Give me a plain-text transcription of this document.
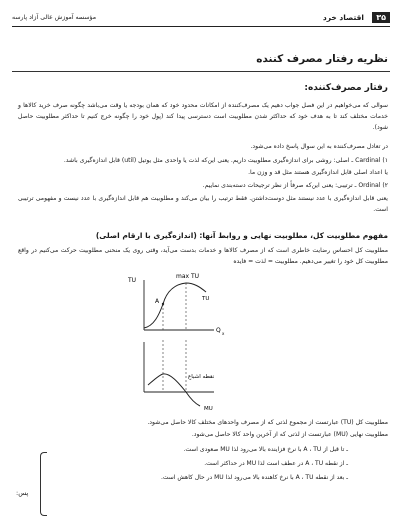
۳۵
اقتصاد خرد
مؤسسه آموزش عالی آزاد پارسه
نظریه رفتار مصرف کننده
رفتار مصرف‌کننده:
سوالی که می‌خواهیم در این فصل جواب دهیم یک مصرف‌کننده از امکانات محدود خود که همان بودجه یا وقت می‌باشد چگونه صرف خرید کالاها و خدمات مختلف کند تا به هدف خود که حداکثر شدن مطلوبیت است دسترسی پیدا کند (پول خود را چگونه خرج کنیم تا حداکثر مطلوبیت حاصل شود).
در تعادل مصرف‌کننده به این سوال پاسخ داده می‌شود.
۱) Cardinal ـ اصلی: روشی برای اندازه‌گیری مطلوبیت داریم. یعنی این‌که لذت یا واحدی مثل یوتیل (util) قابل اندازه‌گیری باشد.
یا اعداد اصلی قابل اندازه‌گیری هستند مثل قد و وزن ما.
۲) Ordinal ـ ترتیبی: یعنی این‌که صرفاً از نظر ترجیحات دسته‌بندی نماییم.
یعنی قابل اندازه‌گیری با عدد نیستند مثل دوست‌داشتن. فقط ترتیب را بیان می‌کند و مطلوبیت هم قابل اندازه‌گیری با عدد نیست و مفهومی ترتیبی است.
مفهوم مطلوبیت کل، مطلوبیت نهایی و روابط آنها: (اندازه‌گیری با ارقام اصلی)
مطلوبیت کل احساس رضایت خاطری است که از مصرف کالاها و خدمات بدست می‌آید، وقتی روی یک منحنی مطلوبیت حرکت می‌کنیم در واقع مطلوبیت کل خود را تغییر می‌دهیم. مطلوبیت = لذت = فایده
TU
max TU
TU
A
Q x
نقطه اشباع
MU
مطلوبیت کل (TU) عبارتست از مجموع لذتی که از مصرف واحدهای مختلف کالا حاصل می‌شود.
مطلوبیت نهایی (MU) عبارتست از لذتی که از آخرین واحد کالا حاصل می‌شود.
ـ تا قبل از A ، TU با نرخ فزاینده بالا می‌رود لذا MU صعودی است.
ـ از نقطه A ، TU در عطف است لذا MU در حداکثر است.
ـ بعد از نقطه A ، TU با نرخ کاهنده بالا می‌رود لذا MU در حال کاهش است.
پس:
